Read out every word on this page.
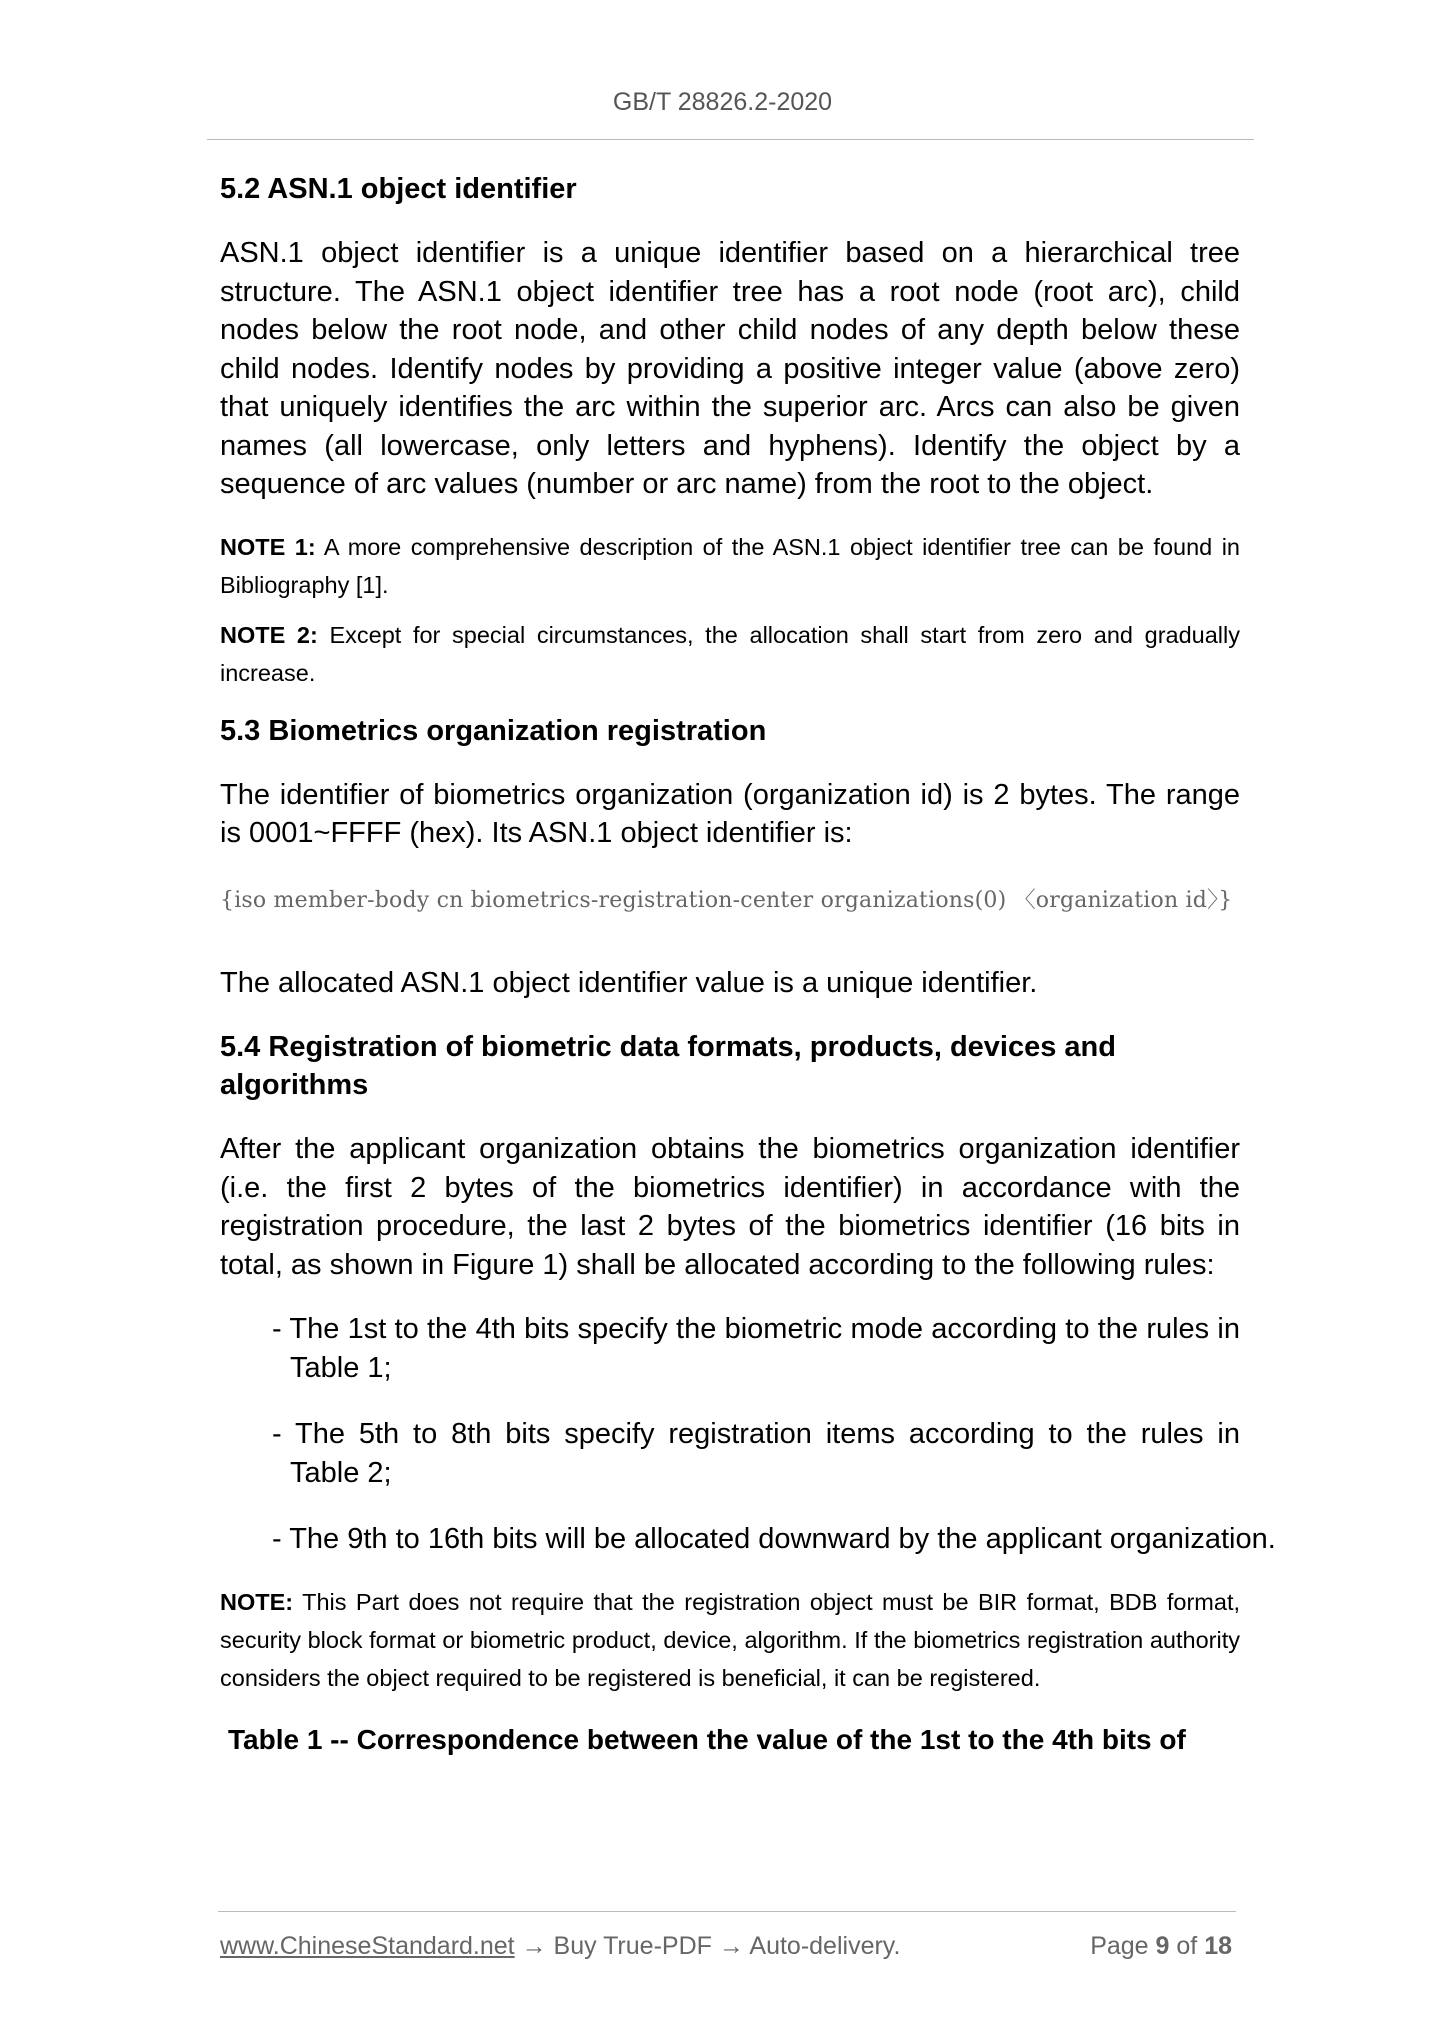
GB/T 28826.2-2020

5.2 ASN.1 object identifier

ASN.1 object identifier is a unique identifier based on a hierarchical tree structure. The ASN.1 object identifier tree has a root node (root arc), child nodes below the root node, and other child nodes of any depth below these child nodes. Identify nodes by providing a positive integer value (above zero) that uniquely identifies the arc within the superior arc. Arcs can also be given names (all lowercase, only letters and hyphens). Identify the object by a sequence of arc values (number or arc name) from the root to the object.

NOTE 1: A more comprehensive description of the ASN.1 object identifier tree can be found in Bibliography [1].

NOTE 2: Except for special circumstances, the allocation shall start from zero and gradually increase.

5.3 Biometrics organization registration

The identifier of biometrics organization (organization id) is 2 bytes. The range is 0001~FFFF (hex). Its ASN.1 object identifier is:

{iso member-body cn biometrics-registration-center organizations(0) 〈organization id〉}

The allocated ASN.1 object identifier value is a unique identifier.

5.4 Registration of biometric data formats, products, devices and algorithms

After the applicant organization obtains the biometrics organization identifier (i.e. the first 2 bytes of the biometrics identifier) in accordance with the registration procedure, the last 2 bytes of the biometrics identifier (16 bits in total, as shown in Figure 1) shall be allocated according to the following rules:

- The 1st to the 4th bits specify the biometric mode according to the rules in Table 1;

- The 5th to 8th bits specify registration items according to the rules in Table 2;

- The 9th to 16th bits will be allocated downward by the applicant organization.

NOTE: This Part does not require that the registration object must be BIR format, BDB format, security block format or biometric product, device, algorithm. If the biometrics registration authority considers the object required to be registered is beneficial, it can be registered.

Table 1 -- Correspondence between the value of the 1st to the 4th bits of

www.ChineseStandard.net → Buy True-PDF → Auto-delivery.	Page 9 of 18
